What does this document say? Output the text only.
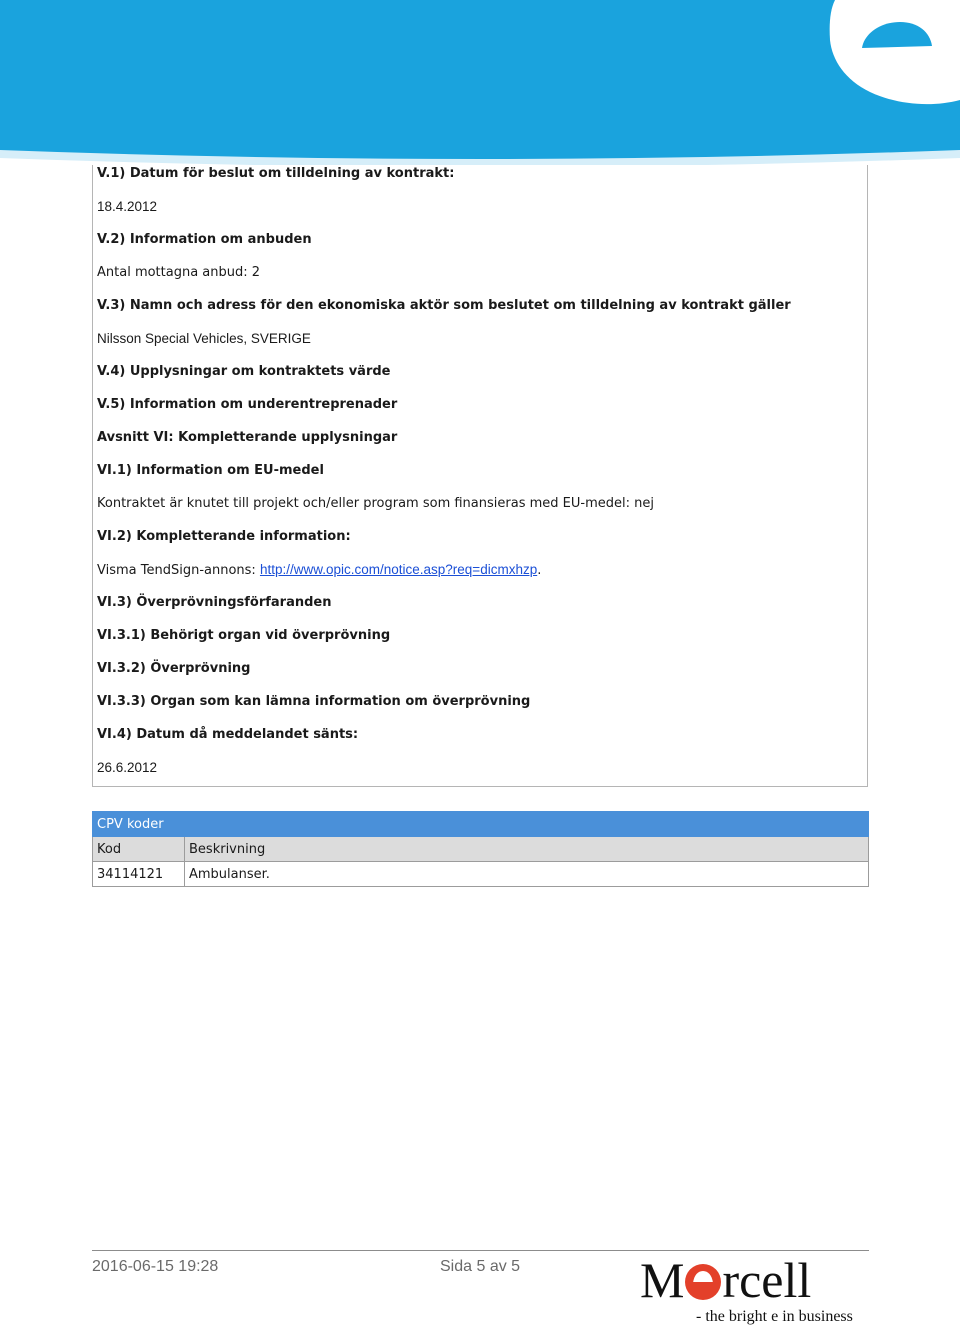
V.1) Datum för beslut om tilldelning av kontrakt:
18.4.2012
V.2) Information om anbuden
Antal mottagna anbud: 2
V.3) Namn och adress för den ekonomiska aktör som beslutet om tilldelning av kontrakt gäller
Nilsson Special Vehicles, SVERIGE
V.4) Upplysningar om kontraktets värde
V.5) Information om underentreprenader
Avsnitt VI: Kompletterande upplysningar
VI.1) Information om EU-medel
Kontraktet är knutet till projekt och/eller program som finansieras med EU-medel: nej
VI.2) Kompletterande information:
Visma TendSign-annons: http://www.opic.com/notice.asp?req=dicmxhzp.
VI.3) Överprövningsförfaranden
VI.3.1) Behörigt organ vid överprövning
VI.3.2) Överprövning
VI.3.3) Organ som kan lämna information om överprövning
VI.4) Datum då meddelandet sänts:
26.6.2012
CPV koder	
Kod	Beskrivning
34114121	Ambulanser.
2016-06-15 19:28	Sida 5 av 5 M rcell
- the bright e in business
